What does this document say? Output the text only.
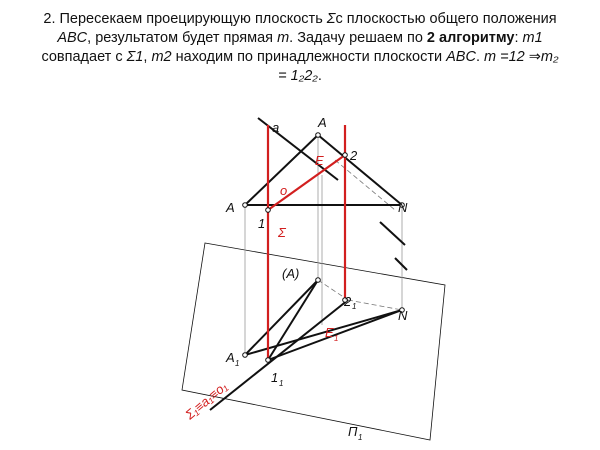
2. Пересекаем проецирующую плоскость Σс плоскостью общего положения ABC, результатом будет прямая m. Задачу решаем по 2 алгоритму: m1 совпадает с Σ1, m2 находим по принадлежности плоскости ABC. m =12 ⇒m₂ = 1₂2₂.
a	A
2
A	N
1
(A)
2 1
N
A 1
1 1
Π 1
E
o
Σ
E 1
Σ₁≡a₁≡o₁
